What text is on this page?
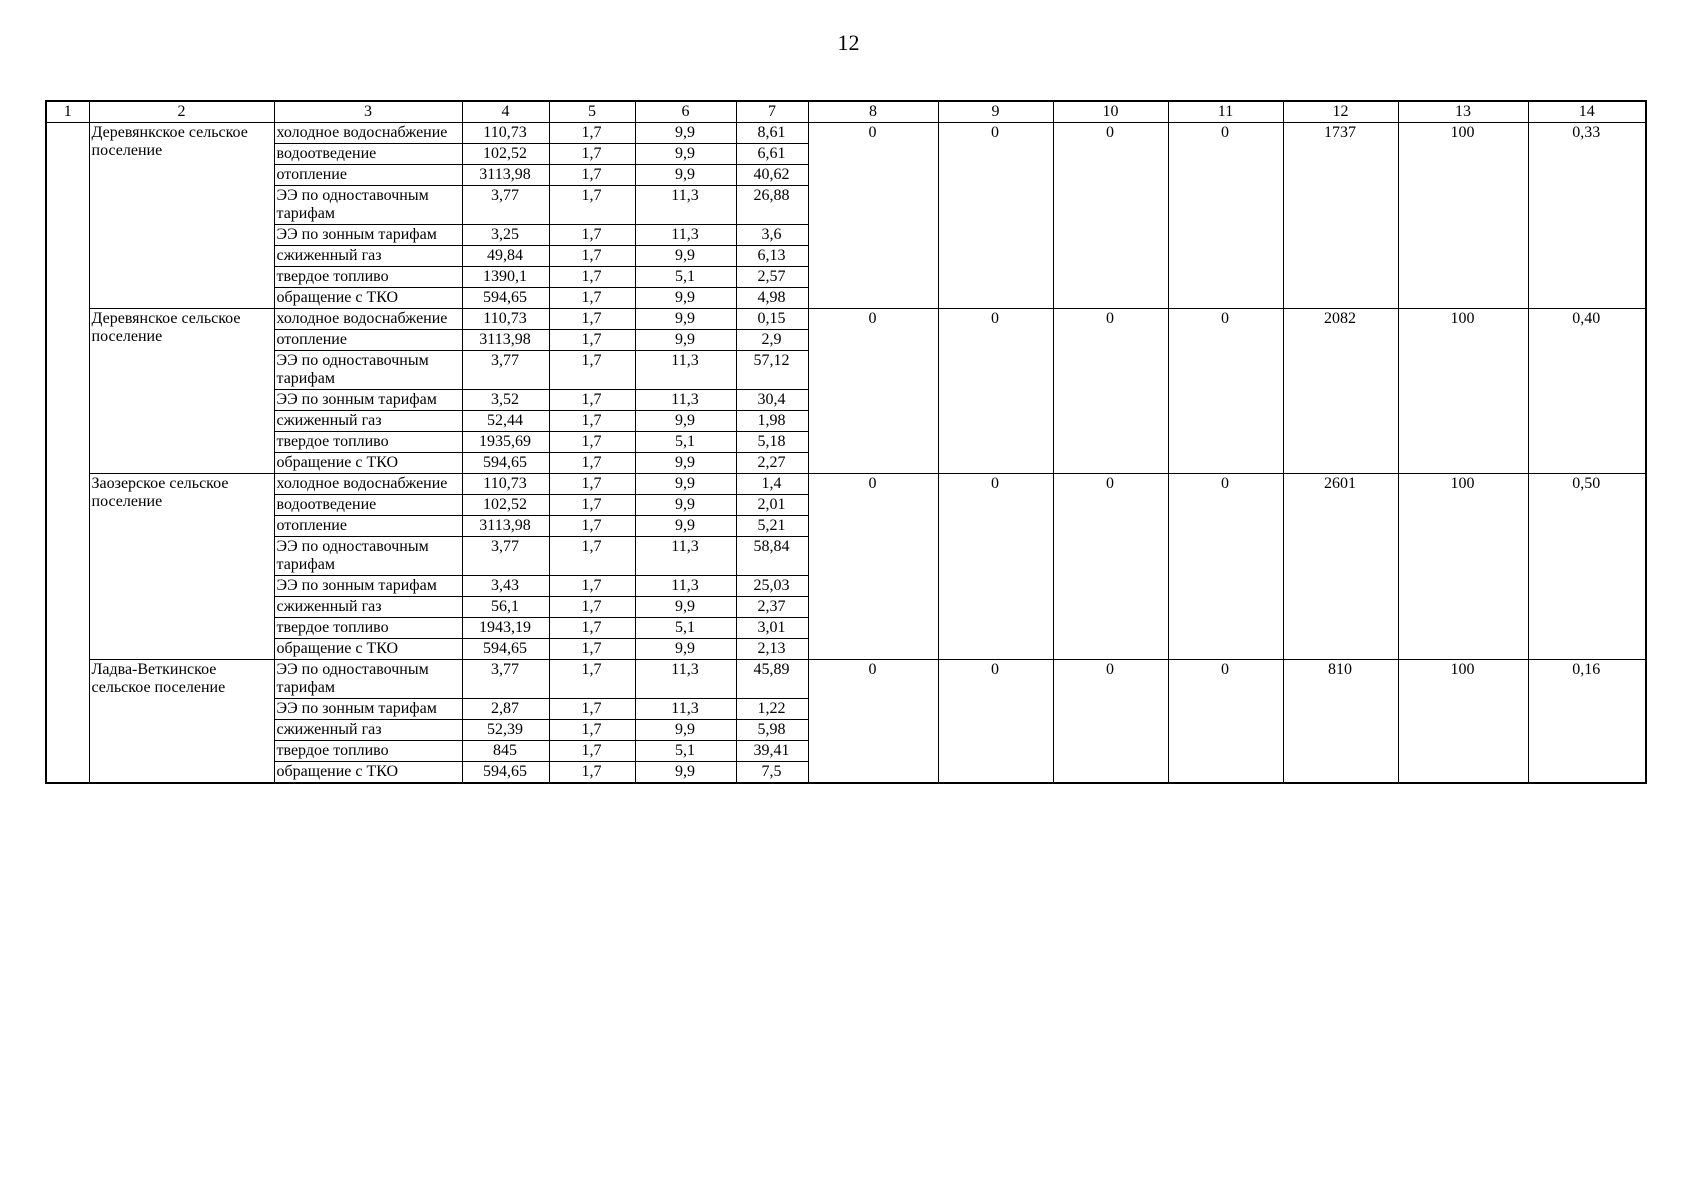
12
1	2	3	4	5	6	7	8	9	10	11	12	13	14
	Деревянкское сельское поселение	холодное водоснабжение	110,73	1,7	9,9	8,61	0	0	0	0	1737	100	0,33
		водоотведение	102,52	1,7	9,9	6,61							
		отопление	3113,98	1,7	9,9	40,62							
		ЭЭ по одноставочным тарифам	3,77	1,7	11,3	26,88							
		ЭЭ по зонным тарифам	3,25	1,7	11,3	3,6							
		сжиженный газ	49,84	1,7	9,9	6,13							
		твердое топливо	1390,1	1,7	5,1	2,57							
		обращение с ТКО	594,65	1,7	9,9	4,98							
	Деревянское сельское поселение	холодное водоснабжение	110,73	1,7	9,9	0,15	0	0	0	0	2082	100	0,40
		отопление	3113,98	1,7	9,9	2,9							
		ЭЭ по одноставочным тарифам	3,77	1,7	11,3	57,12							
		ЭЭ по зонным тарифам	3,52	1,7	11,3	30,4							
		сжиженный газ	52,44	1,7	9,9	1,98							
		твердое топливо	1935,69	1,7	5,1	5,18							
		обращение с ТКО	594,65	1,7	9,9	2,27							
	Заозерское сельское поселение	холодное водоснабжение	110,73	1,7	9,9	1,4	0	0	0	0	2601	100	0,50
		водоотведение	102,52	1,7	9,9	2,01							
		отопление	3113,98	1,7	9,9	5,21							
		ЭЭ по одноставочным тарифам	3,77	1,7	11,3	58,84							
		ЭЭ по зонным тарифам	3,43	1,7	11,3	25,03							
		сжиженный газ	56,1	1,7	9,9	2,37							
		твердое топливо	1943,19	1,7	5,1	3,01							
		обращение с ТКО	594,65	1,7	9,9	2,13							
	Ладва-Веткинское сельское поселение	ЭЭ по одноставочным тарифам	3,77	1,7	11,3	45,89	0	0	0	0	810	100	0,16
		ЭЭ по зонным тарифам	2,87	1,7	11,3	1,22							
		сжиженный газ	52,39	1,7	9,9	5,98							
		твердое топливо	845	1,7	5,1	39,41							
		обращение с ТКО	594,65	1,7	9,9	7,5							
